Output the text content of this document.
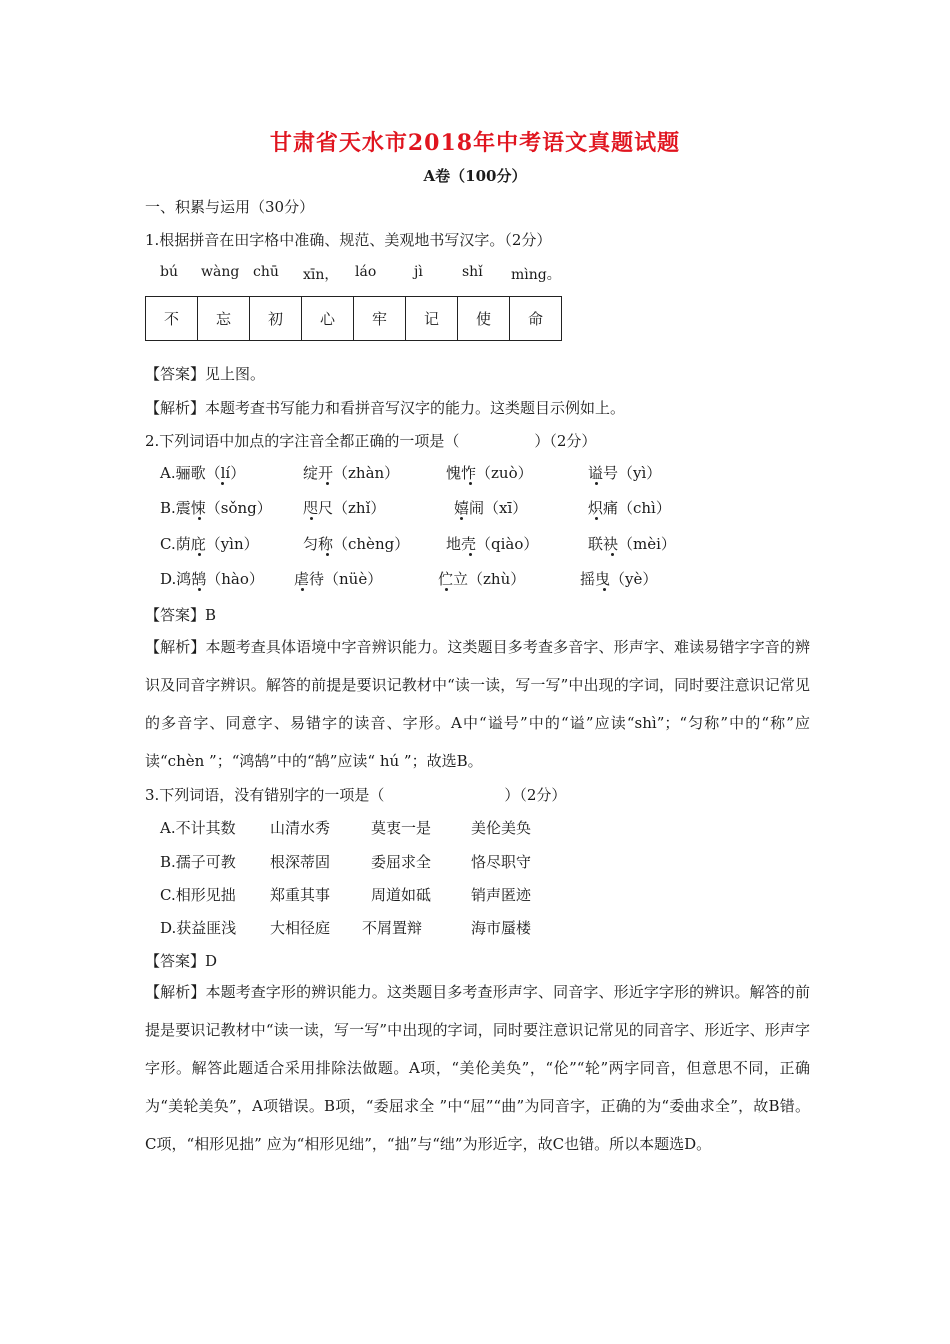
甘肃省天水市2018年中考语文真题试题
A卷（100分）
一、积累与运用（30分）
1.根据拼音在田字格中准确、规范、美观地书写汉字。（2分）
bú wàng chū xīn， láo	jì	shǐ mìng。
不	忘	初	心	牢	记	使	命
【答案】见上图。
【解析】本题考查书写能力和看拼音写汉字的能力。这类题目示例如上。
2.下列词语中加点的字注音全都正确的一项是（　　　　　）（2分）
A.骊歌（lí）	绽开（zhàn）	愧怍（zuò）	谥号（yì）
B.震悚（sǒng） 咫尺（zhǐ）	嬉闹（xī）	炽痛（chì）
C.荫庇（yìn）	匀称（chèng） 地壳（qiào）	联袂（mèi）
D.鸿鹄（hào） 虐待（nüè）	伫立（zhù）	摇曳（yè）
【答案】B
【解析】本题考查具体语境中字音辨识能力。这类题目多考查多音字、形声字、难读易错字字音的辨识及同音字辨识。解答的前提是要识记教材中“读一读，写一写”中出现的字词，同时要注意识记常见的多音字、同意字、易错字的读音、字形。A中“谥号”中的“谥”应读“shì”；“匀称”中的“称”应读“chèn ”；“鸿鹄”中的“鹄”应读“ hú ”；故选B。
3.下列词语，没有错别字的一项是（　　　　　　　　）（2分）
A.不计其数 山清水秀	莫衷一是	美伦美奂
B.孺子可教 根深蒂固	委屈求全	恪尽职守
C.相形见拙 郑重其事	周道如砥	销声匿迹
D.获益匪浅 大相径庭 不屑置辩	海市蜃楼
【答案】D
【解析】本题考查字形的辨识能力。这类题目多考查形声字、同音字、形近字字形的辨识。解答的前提是要识记教材中“读一读，写一写”中出现的字词，同时要注意识记常见的同音字、形近字、形声字字形。解答此题适合采用排除法做题。A项，“美伦美奂”，“伦”“轮”两字同音，但意思不同，正确为“美轮美奂”，A项错误。B项，“委屈求全 ”中“屈”“曲”为同音字，正确的为“委曲求全”，故B错。C项，“相形见拙” 应为“相形见绌”，“拙”与“绌”为形近字，故C也错。所以本题选D。
